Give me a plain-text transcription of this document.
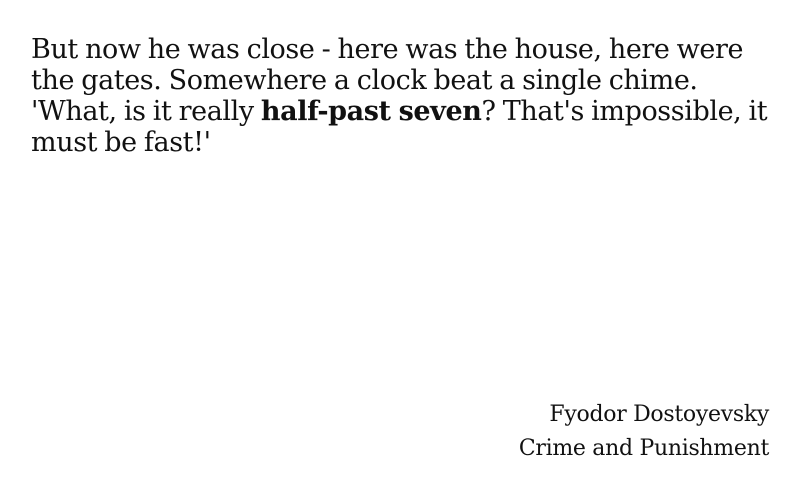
But now he was close - here was the house, here were the gates. Somewhere a clock beat a single chime. 'What, is it really half-past seven? That's impossible, it must be fast!'

Fyodor Dostoyevsky
Crime and Punishment
